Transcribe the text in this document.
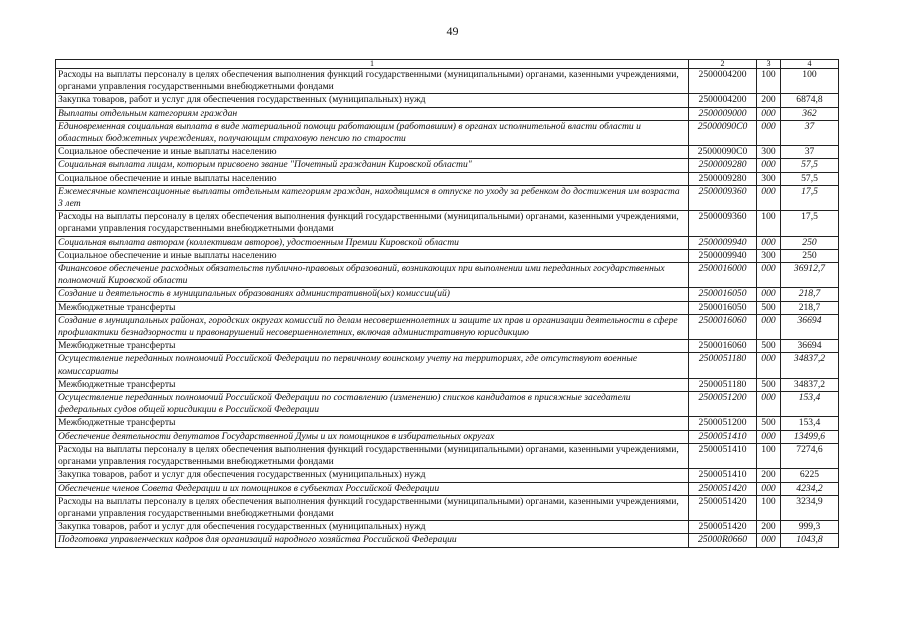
49
1	2	3	4
Расходы на выплаты персоналу в целях обеспечения выполнения функций государственными (муниципальными) органами, казенными учреждениями, органами управления государственными внебюджетными фондами	2500004200	100	100
Закупка товаров, работ и услуг для обеспечения государственных (муниципальных) нужд	2500004200	200	6874,8
Выплаты отдельным категориям граждан	2500009000	000	362
Единовременная социальная выплата в виде материальной помощи работающим (работавшим) в органах исполнительной власти области и областных бюджетных учреждениях, получающим страховую пенсию по старости	25000090С0	000	37
Социальное обеспечение и иные выплаты населению	25000090С0	300	37
Социальная выплата лицам, которым присвоено звание "Почетный гражданин Кировской области"	2500009280	000	57,5
Социальное обеспечение и иные выплаты населению	2500009280	300	57,5
Ежемесячные компенсационные выплаты отдельным категориям граждан, находящимся в отпуске по уходу за ребенком до достижения им возраста 3 лет	2500009360	000	17,5
Расходы на выплаты персоналу в целях обеспечения выполнения функций государственными (муниципальными) органами, казенными учреждениями, органами управления государственными внебюджетными фондами	2500009360	100	17,5
Социальная выплата авторам (коллективам авторов), удостоенным Премии Кировской области	2500009940	000	250
Социальное обеспечение и иные выплаты населению	2500009940	300	250
Финансовое обеспечение расходных обязательств публично-правовых образований, возникающих при выполнении ими переданных государственных полномочий Кировской области	2500016000	000	36912,7
Создание и деятельность в муниципальных образованиях административной(ых) комиссии(ий)	2500016050	000	218,7
Межбюджетные трансферты	2500016050	500	218,7
Создание в муниципальных районах, городских округах комиссий по делам несовершеннолетних и защите их прав и организации деятельности в сфере профилактики безнадзорности и правонарушений несовершеннолетних, включая административную юрисдикцию	2500016060	000	36694
Межбюджетные трансферты	2500016060	500	36694
Осуществление переданных полномочий Российской Федерации по первичному воинскому учету на территориях, где отсутствуют военные комиссариаты	2500051180	000	34837,2
Межбюджетные трансферты	2500051180	500	34837,2
Осуществление переданных полномочий Российской Федерации по составлению (изменению) списков кандидатов в присяжные заседатели федеральных судов общей юрисдикции в Российской Федерации	2500051200	000	153,4
Межбюджетные трансферты	2500051200	500	153,4
Обеспечение деятельности депутатов Государственной Думы и их помощников в избирательных округах	2500051410	000	13499,6
Расходы на выплаты персоналу в целях обеспечения выполнения функций государственными (муниципальными) органами, казенными учреждениями, органами управления государственными внебюджетными фондами	2500051410	100	7274,6
Закупка товаров, работ и услуг для обеспечения государственных (муниципальных) нужд	2500051410	200	6225
Обеспечение членов Совета Федерации и их помощников в субъектах Российской Федерации	2500051420	000	4234,2
Расходы на выплаты персоналу в целях обеспечения выполнения функций государственными (муниципальными) органами, казенными учреждениями, органами управления государственными внебюджетными фондами	2500051420	100	3234,9
Закупка товаров, работ и услуг для обеспечения государственных (муниципальных) нужд	2500051420	200	999,3
Подготовка управленческих кадров для организаций народного хозяйства Российской Федерации	25000R0660	000	1043,8
